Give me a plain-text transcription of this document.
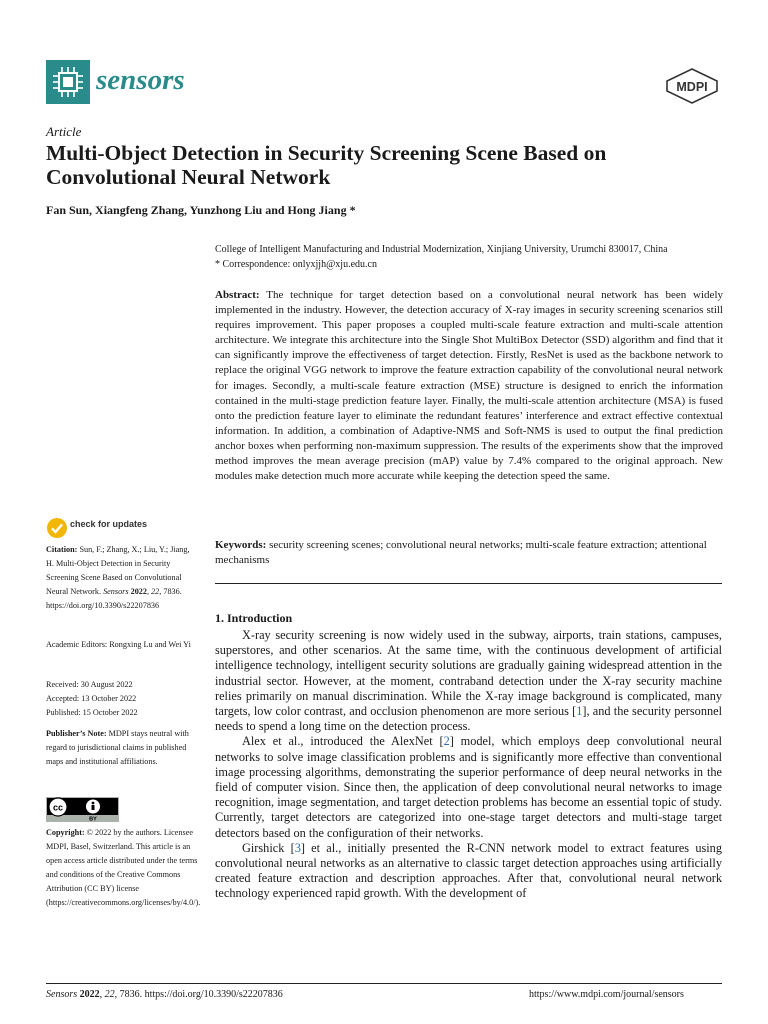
sensors	MDPI
Article
Multi-Object Detection in Security Screening Scene Based on Convolutional Neural Network
Fan Sun, Xiangfeng Zhang, Yunzhong Liu and Hong Jiang *
College of Intelligent Manufacturing and Industrial Modernization, Xinjiang University, Urumchi 830017, China
* Correspondence: onlyxjjh@xju.edu.cn
Abstract: The technique for target detection based on a convolutional neural network has been widely implemented in the industry. However, the detection accuracy of X-ray images in security screening scenarios still requires improvement. This paper proposes a coupled multi-scale feature extraction and multi-scale attention architecture. We integrate this architecture into the Single Shot MultiBox Detector (SSD) algorithm and find that it can significantly improve the effectiveness of target detection. Firstly, ResNet is used as the backbone network to replace the original VGG network to improve the feature extraction capability of the convolutional neural network for images. Secondly, a multi-scale feature extraction (MSE) structure is designed to enrich the information contained in the multi-stage prediction feature layer. Finally, the multi-scale attention architecture (MSA) is fused onto the prediction feature layer to eliminate the redundant features’ interference and extract effective contextual information. In addition, a combination of Adaptive-NMS and Soft-NMS is used to output the final prediction anchor boxes when performing non-maximum suppression. The results of the experiments show that the improved method improves the mean average precision (mAP) value by 7.4% compared to the original approach. New modules make detection much more accurate while keeping the detection speed the same.
Keywords: security screening scenes; convolutional neural networks; multi-scale feature extraction; attentional mechanisms
1. Introduction

X-ray security screening is now widely used in the subway, airports, train stations, campuses, superstores, and other scenarios. At the same time, with the continuous development of artificial intelligence technology, intelligent security solutions are gradually gaining widespread attention in the industrial sector. However, at the moment, contraband detection under the X-ray security machine relies primarily on manual discrimination. While the X-ray image background is complicated, many targets, low color contrast, and occlusion phenomenon are more serious [1], and the security personnel needs to spend a long time on the detection process.

Alex et al., introduced the AlexNet [2] model, which employs deep convolutional neural networks to solve image classification problems and is significantly more effective than conventional image processing algorithms, demonstrating the superior performance of deep neural networks in the field of computer vision. Since then, the application of deep convolutional neural networks to image recognition, image segmentation, and target detection problems has become an essential topic of study. Currently, target detectors are categorized into one-stage target detectors and multi-stage target detectors based on the configuration of their networks.

Girshick [3] et al., initially presented the R-CNN network model to extract features using convolutional neural networks as an alternative to classic target detection approaches using artificially created feature extraction and description approaches. After that, convolutional neural network technology experienced rapid growth. With the development of

check for updates
Citation: Sun, F.; Zhang, X.; Liu, Y.; Jiang, H. Multi-Object Detection in Security Screening Scene Based on Convolutional Neural Network. Sensors 2022, 22, 7836. https://doi.org/10.3390/s22207836
Academic Editors: Rongxing Lu and Wei Yi
Received: 30 August 2022
Accepted: 13 October 2022
Published: 15 October 2022
Publisher’s Note: MDPI stays neutral with regard to jurisdictional claims in published maps and institutional affiliations.
cc
BY
Copyright: © 2022 by the authors. Licensee MDPI, Basel, Switzerland. This article is an open access article distributed under the terms and conditions of the Creative Commons Attribution (CC BY) license (https://creativecommons.org/licenses/by/4.0/).
Sensors 2022, 22, 7836. https://doi.org/10.3390/s22207836	https://www.mdpi.com/journal/sensors
